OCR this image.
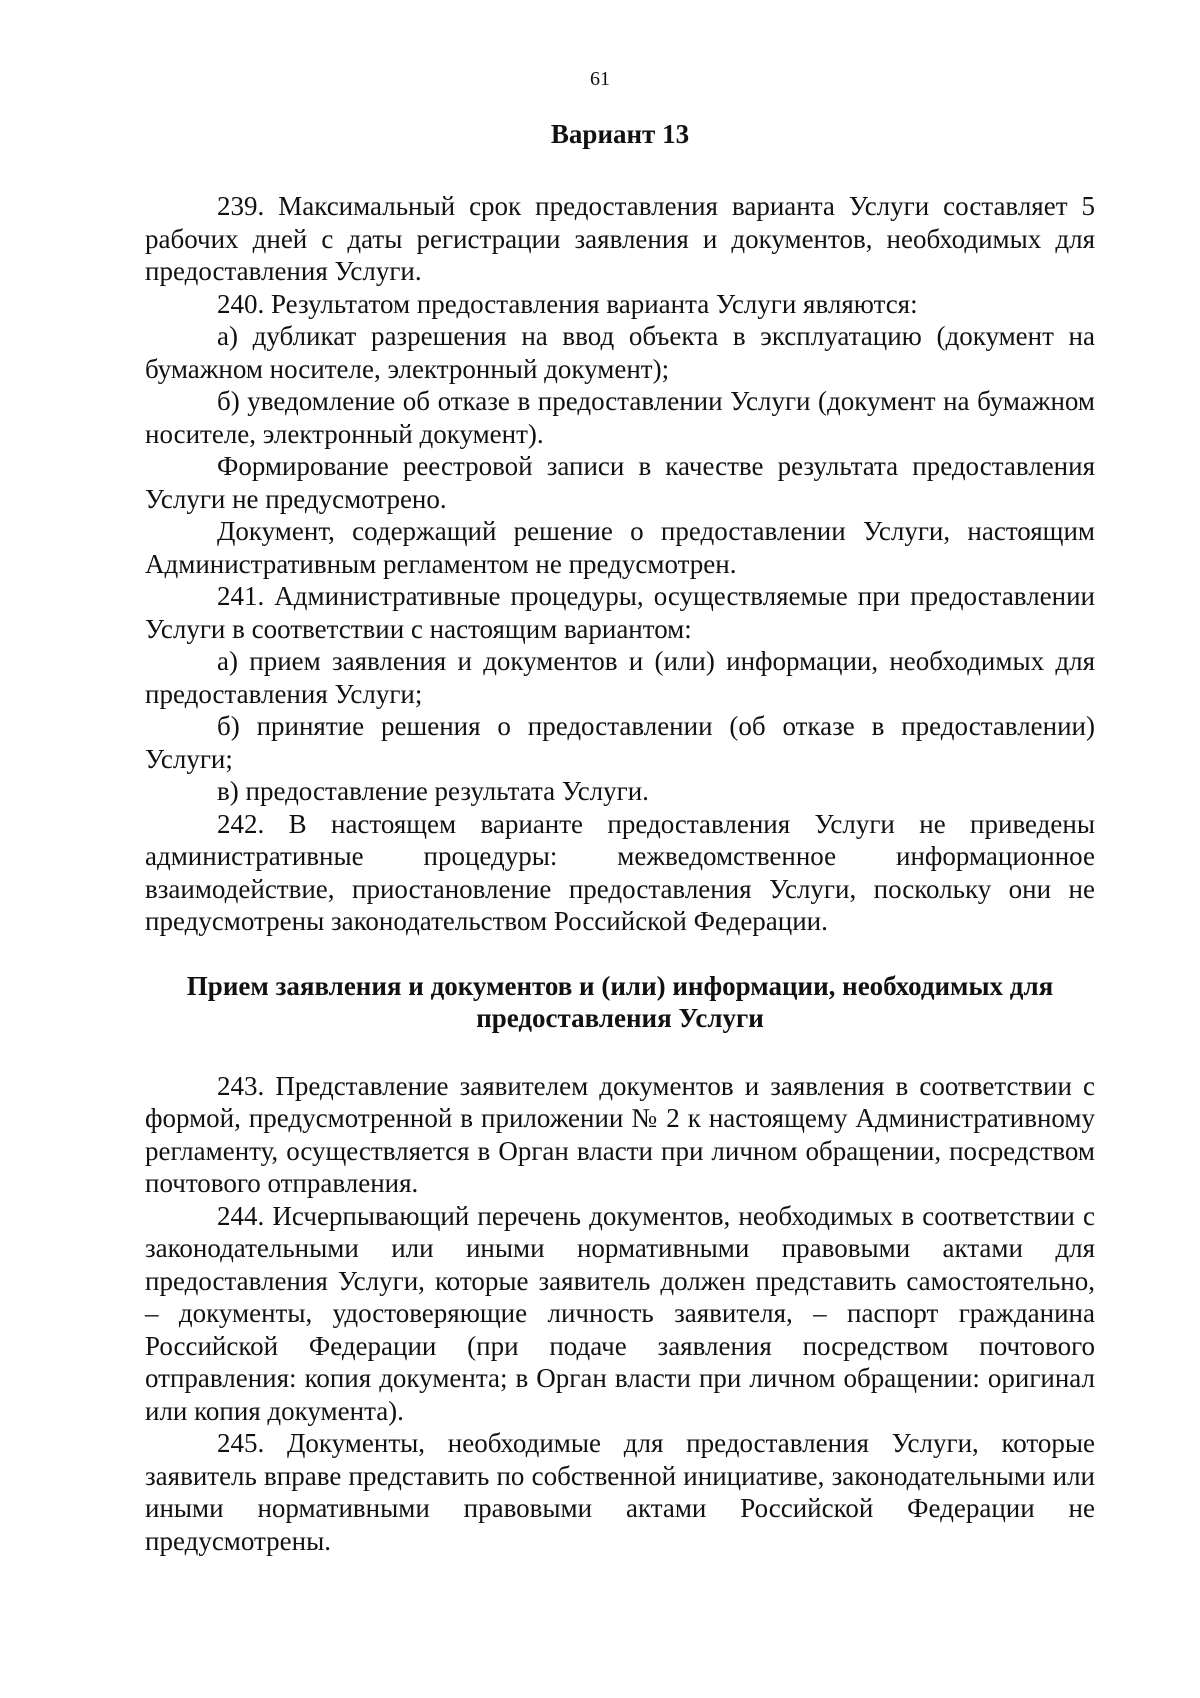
61
Вариант 13

239. Максимальный срок предоставления варианта Услуги составляет 5 рабочих дней с даты регистрации заявления и документов, необходимых для предоставления Услуги.

240. Результатом предоставления варианта Услуги являются:

а) дубликат разрешения на ввод объекта в эксплуатацию (документ на бумажном носителе, электронный документ);

б) уведомление об отказе в предоставлении Услуги (документ на бумажном носителе, электронный документ).

Формирование реестровой записи в качестве результата предоставления Услуги не предусмотрено.

Документ, содержащий решение о предоставлении Услуги, настоящим Административным регламентом не предусмотрен.

241. Административные процедуры, осуществляемые при предоставлении Услуги в соответствии с настоящим вариантом:

а) прием заявления и документов и (или) информации, необходимых для предоставления Услуги;

б) принятие решения о предоставлении (об отказе в предоставлении) Услуги;

в) предоставление результата Услуги.

242. В настоящем варианте предоставления Услуги не приведены административные процедуры: межведомственное информационное взаимодействие, приостановление предоставления Услуги, поскольку они не предусмотрены законодательством Российской Федерации.

Прием заявления и документов и (или) информации, необходимых для предоставления Услуги

243. Представление заявителем документов и заявления в соответствии с формой, предусмотренной в приложении № 2 к настоящему Административному регламенту, осуществляется в Орган власти при личном обращении, посредством почтового отправления.

244. Исчерпывающий перечень документов, необходимых в соответствии с законодательными или иными нормативными правовыми актами для предоставления Услуги, которые заявитель должен представить самостоятельно, – документы, удостоверяющие личность заявителя, – паспорт гражданина Российской Федерации (при подаче заявления посредством почтового отправления: копия документа; в Орган власти при личном обращении: оригинал или копия документа).

245. Документы, необходимые для предоставления Услуги, которые заявитель вправе представить по собственной инициативе, законодательными или иными нормативными правовыми актами Российской Федерации не предусмотрены.
